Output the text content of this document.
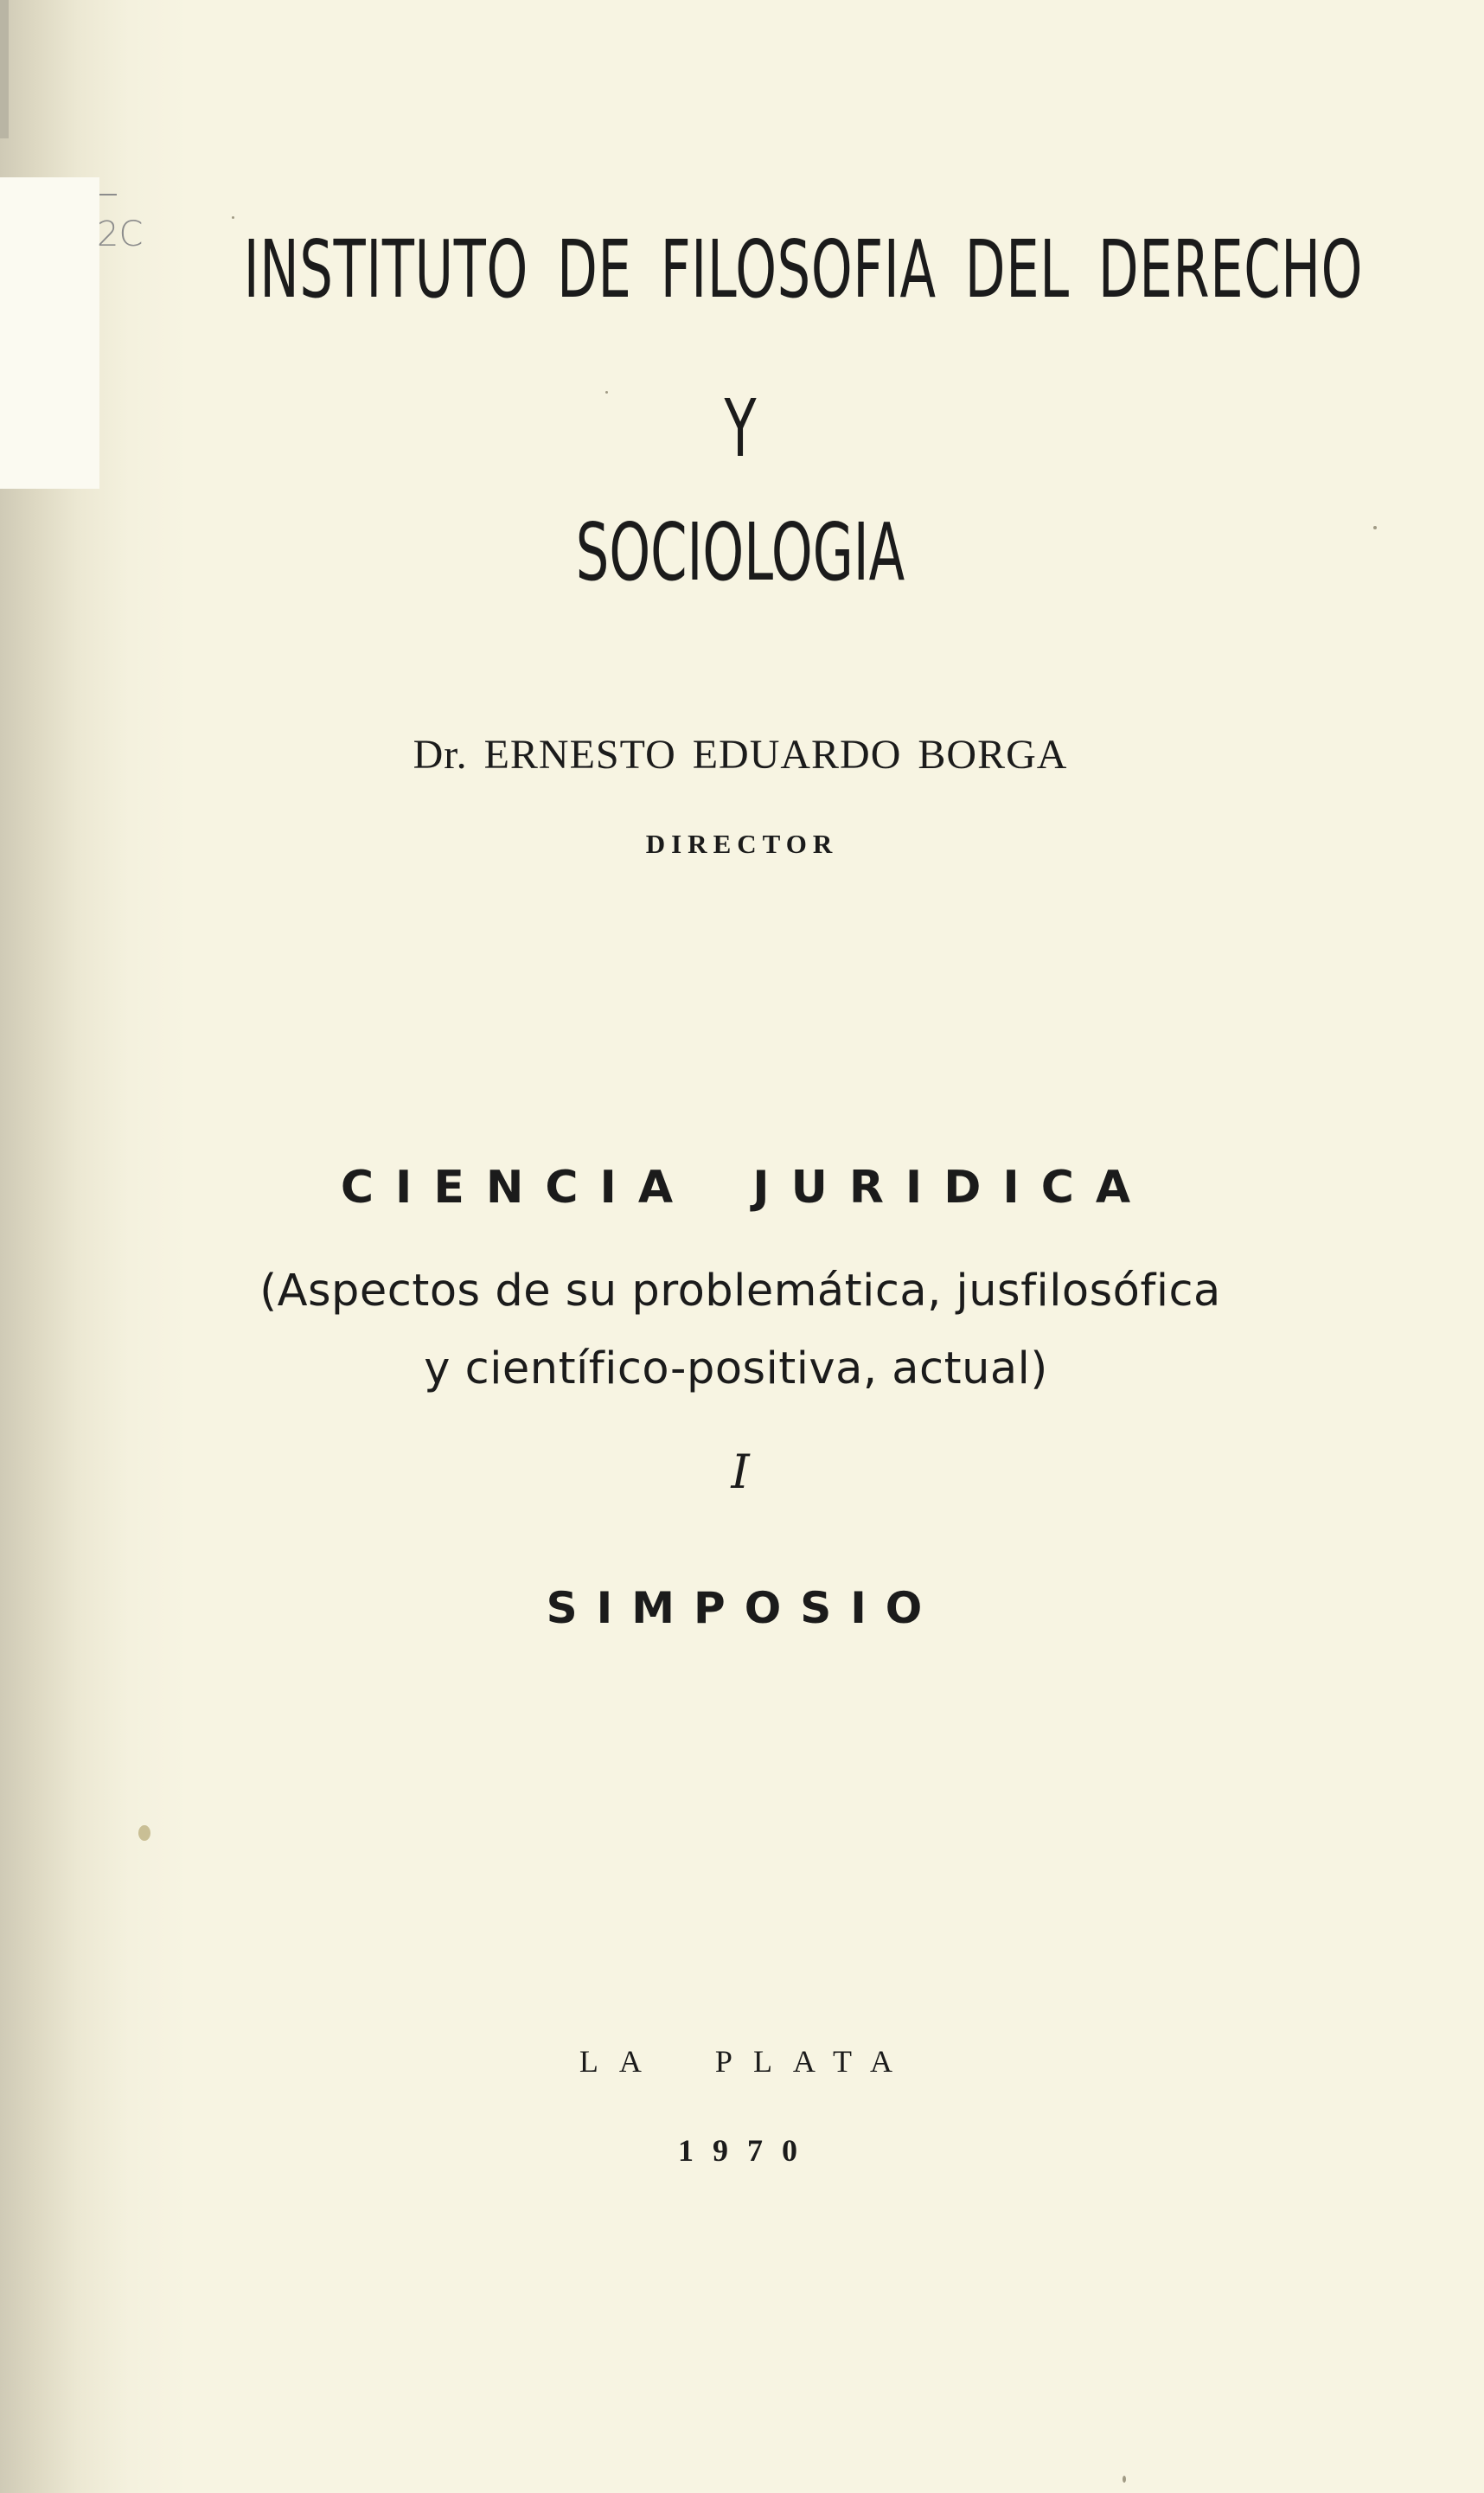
2C INSTITUTO DE FILOSOFIA DEL DERECHO
Y
SOCIOLOGIA
Dr. ERNESTO EDUARDO BORGA
DIRECTOR
CIENCIA JURIDICA
(Aspectos de su problemática, jusfilosófica
y científico-positiva, actual)
I
SIMPOSIO
LA PLATA
1970
